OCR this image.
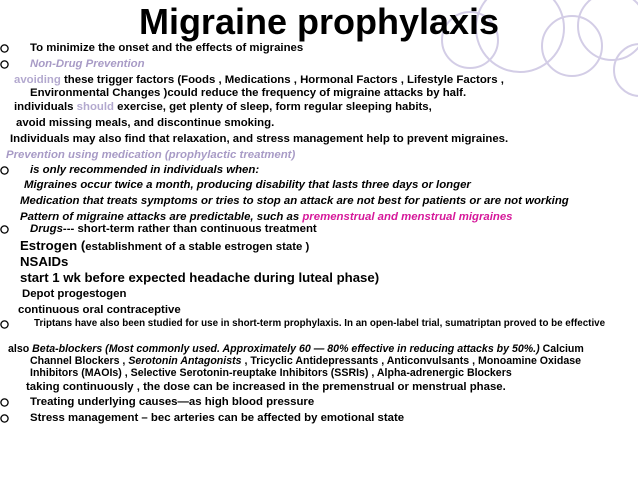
Migraine prophylaxis
To minimize the onset and the effects of migraines
Non-Drug Prevention
avoiding these trigger factors (Foods , Medications , Hormonal Factors , Lifestyle Factors ,
Environmental Changes )could reduce the frequency of migraine attacks by half.
individuals should exercise, get plenty of sleep, form regular sleeping habits,
avoid missing meals, and discontinue smoking.
Individuals may also find that relaxation, and stress management help to prevent migraines.
Prevention using medication (prophylactic treatment)
is only recommended in individuals when:
Migraines occur twice a month, producing disability that lasts three days or longer
Medication that treats symptoms or tries to stop an attack are not best for patients or are not working
Pattern of migraine attacks are predictable, such as premenstrual and menstrual migraines
Drugs--- short-term rather than continuous treatment
Estrogen (establishment of a stable estrogen state )
NSAIDs
start 1 wk before expected headache during luteal phase)
Depot progestogen
continuous oral contraceptive
Triptans have also been studied for use in short-term prophylaxis. In an open-label trial, sumatriptan proved to be effective
also Beta-blockers (Most commonly used. Approximately 60 — 80% effective in reducing attacks by 50%.) Calcium
Channel Blockers , Serotonin Antagonists , Tricyclic Antidepressants , Anticonvulsants , Monoamine Oxidase
Inhibitors (MAOIs) , Selective Serotonin-reuptake Inhibitors (SSRIs) , Alpha-adrenergic Blockers
taking continuously , the dose can be increased in the premenstrual or menstrual phase.
Treating underlying causes—as high blood pressure
Stress management – bec arteries can be affected by emotional state
